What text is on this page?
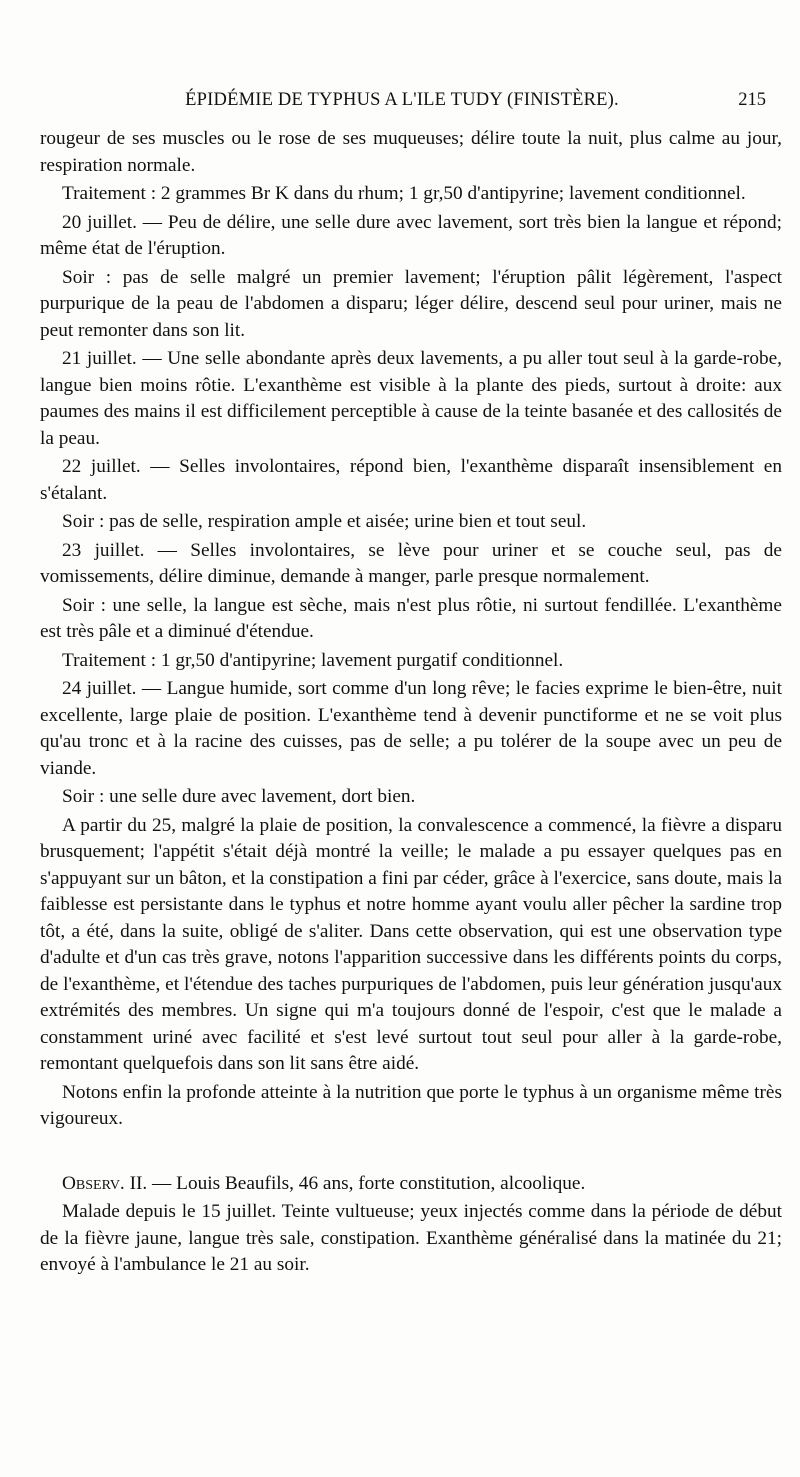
ÉPIDÉMIE DE TYPHUS A L'ILE TUDY (FINISTÈRE).	215

rougeur de ses muscles ou le rose de ses muqueuses; délire toute la nuit, plus calme au jour, respiration normale.

Traitement : 2 grammes Br K dans du rhum; 1 gr,50 d'antipyrine; lavement conditionnel.

20 juillet. — Peu de délire, une selle dure avec lavement, sort très bien la langue et répond; même état de l'éruption.

Soir : pas de selle malgré un premier lavement; l'éruption pâlit légèrement, l'aspect purpurique de la peau de l'abdomen a disparu; léger délire, descend seul pour uriner, mais ne peut remonter dans son lit.

21 juillet. — Une selle abondante après deux lavements, a pu aller tout seul à la garde-robe, langue bien moins rôtie. L'exanthème est visible à la plante des pieds, surtout à droite: aux paumes des mains il est difficilement perceptible à cause de la teinte basanée et des callosités de la peau.

22 juillet. — Selles involontaires, répond bien, l'exanthème disparaît insensiblement en s'étalant.

Soir : pas de selle, respiration ample et aisée; urine bien et tout seul.

23 juillet. — Selles involontaires, se lève pour uriner et se couche seul, pas de vomissements, délire diminue, demande à manger, parle presque normalement.

Soir : une selle, la langue est sèche, mais n'est plus rôtie, ni surtout fendillée. L'exanthème est très pâle et a diminué d'étendue.

Traitement : 1 gr,50 d'antipyrine; lavement purgatif conditionnel.

24 juillet. — Langue humide, sort comme d'un long rêve; le facies exprime le bien-être, nuit excellente, large plaie de position. L'exanthème tend à devenir punctiforme et ne se voit plus qu'au tronc et à la racine des cuisses, pas de selle; a pu tolérer de la soupe avec un peu de viande.

Soir : une selle dure avec lavement, dort bien.

A partir du 25, malgré la plaie de position, la convalescence a commencé, la fièvre a disparu brusquement; l'appétit s'était déjà montré la veille; le malade a pu essayer quelques pas en s'appuyant sur un bâton, et la constipation a fini par céder, grâce à l'exercice, sans doute, mais la faiblesse est persistante dans le typhus et notre homme ayant voulu aller pêcher la sardine trop tôt, a été, dans la suite, obligé de s'aliter. Dans cette observation, qui est une observation type d'adulte et d'un cas très grave, notons l'apparition successive dans les différents points du corps, de l'exanthème, et l'étendue des taches purpuriques de l'abdomen, puis leur génération jusqu'aux extrémités des membres. Un signe qui m'a toujours donné de l'espoir, c'est que le malade a constamment uriné avec facilité et s'est levé surtout tout seul pour aller à la garde-robe, remontant quelquefois dans son lit sans être aidé.

Notons enfin la profonde atteinte à la nutrition que porte le typhus à un organisme même très vigoureux.

Observ. II. — Louis Beaufils, 46 ans, forte constitution, alcoolique.

Malade depuis le 15 juillet. Teinte vultueuse; yeux injectés comme dans la période de début de la fièvre jaune, langue très sale, constipation. Exanthème généralisé dans la matinée du 21; envoyé à l'ambulance le 21 au soir.
